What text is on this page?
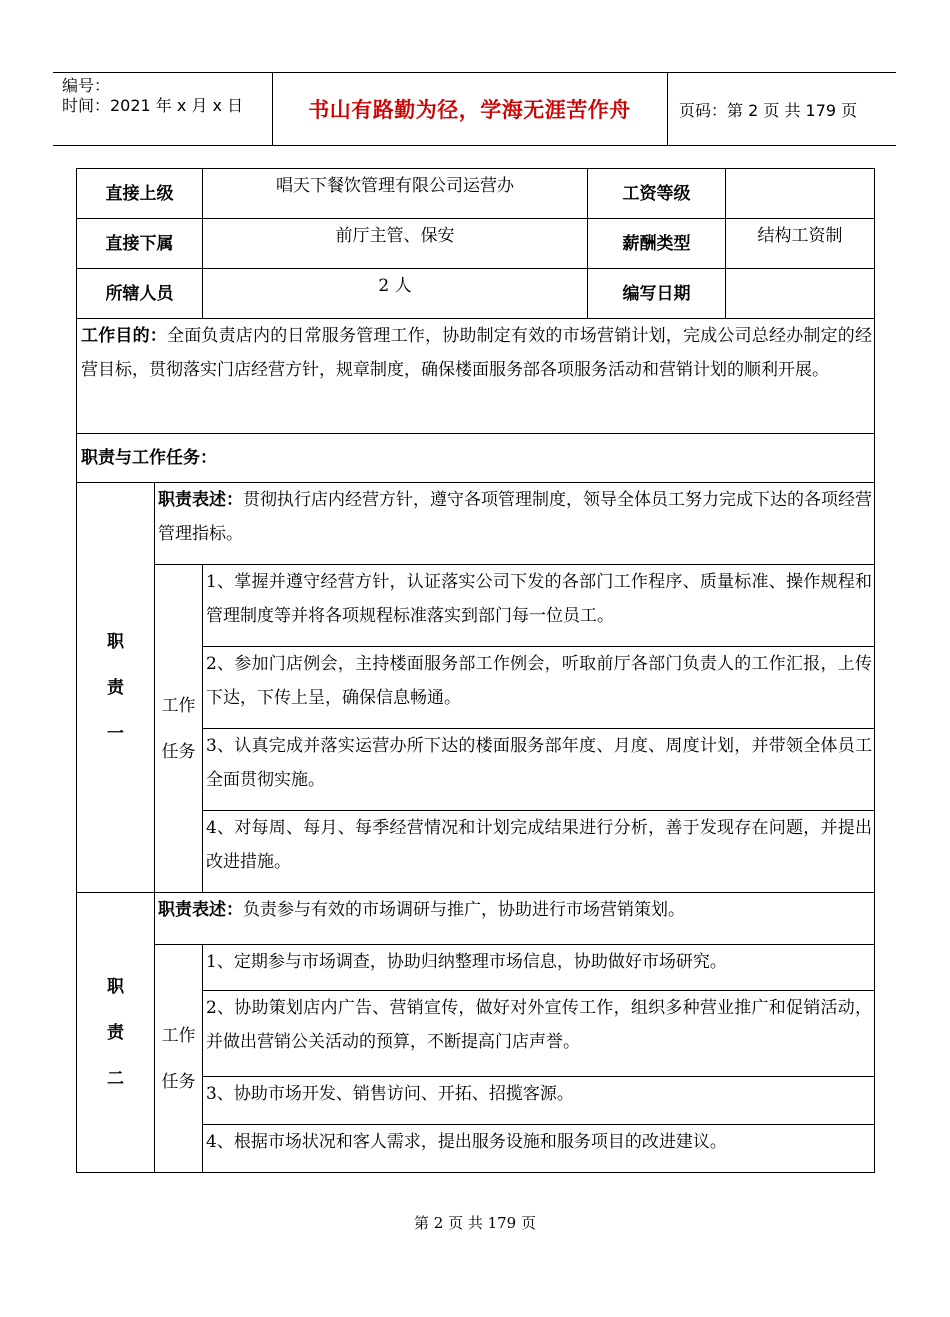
编号：
时间：2021 年 x 月 x 日	书山有路勤为径，学海无涯苦作舟	页码：第 2 页 共 179 页
直接上级		唱天下餐饮管理有限公司运营办	工资等级	
直接下属		前厅主管、保安	薪酬类型	结构工资制
所辖人员		2 人	编写日期	
工作目的：全面负责店内的日常服务管理工作，协助制定有效的市场营销计划，完成公司总经办制定的经营目标，贯彻落实门店经营方针，规章制度，确保楼面服务部各项服务活动和营销计划的顺利开展。				
职责与工作任务：				

职
责
一	职责表述：贯彻执行店内经营方针，遵守各项管理制度，领导全体员工努力完成下达的各项经营管理指标。			

	工作
任务	1、掌握并遵守经营方针，认证落实公司下发的各部门工作程序、质量标准、操作规程和管理制度等并将各项规程标准落实到部门每一位员工。		
		2、参加门店例会，主持楼面服务部工作例会，听取前厅各部门负责人的工作汇报，上传下达，下传上呈，确保信息畅通。		
		3、认真完成并落实运营办所下达的楼面服务部年度、月度、周度计划，并带领全体员工全面贯彻实施。		
		4、对每周、每月、每季经营情况和计划完成结果进行分析，善于发现存在问题，并提出改进措施。		

职
责
二	职责表述：负责参与有效的市场调研与推广，协助进行市场营销策划。			

	工作
任务	1、定期参与市场调查，协助归纳整理市场信息，协助做好市场研究。		
		2、协助策划店内广告、营销宣传，做好对外宣传工作，组织多种营业推广和促销活动，并做出营销公关活动的预算，不断提高门店声誉。		
		3、协助市场开发、销售访问、开拓、招揽客源。		
		4、根据市场状况和客人需求，提出服务设施和服务项目的改进建议。		
第 2 页 共 179 页
